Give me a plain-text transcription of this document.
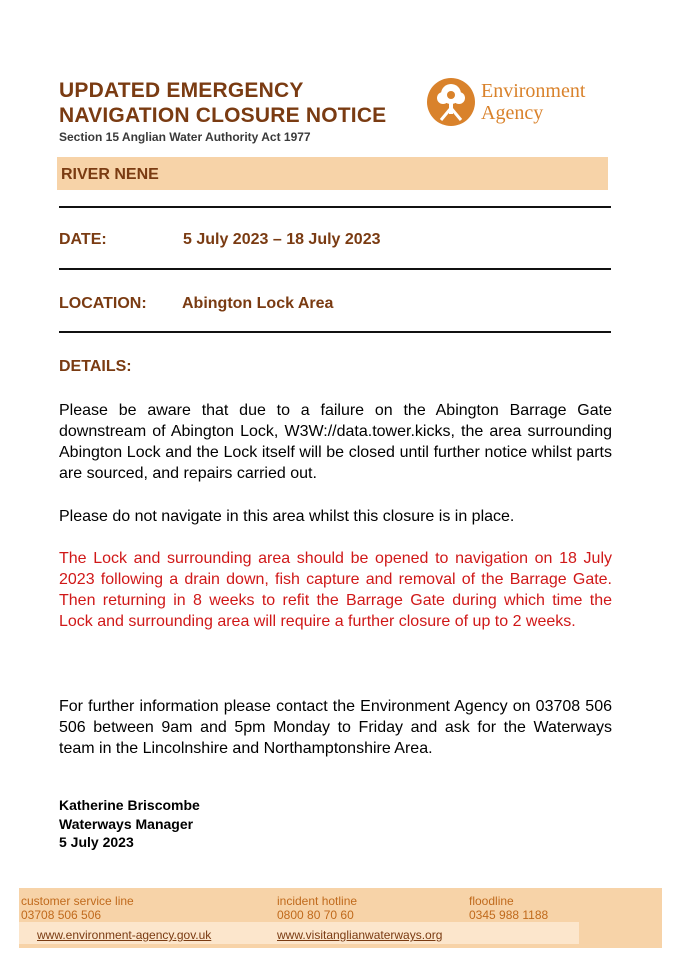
UPDATED EMERGENCY
NAVIGATION CLOSURE NOTICE
Section 15 Anglian Water Authority Act 1977
Environment
Agency
RIVER NENE
DATE:	5 July 2023 – 18 July 2023
LOCATION: Abington Lock Area
DETAILS:

Please be aware that due to a failure on the Abington Barrage Gate downstream of Abington Lock, W3W://data.tower.kicks, the area surrounding Abington Lock and the Lock itself will be closed until further notice whilst parts are sourced, and repairs carried out.

Please do not navigate in this area whilst this closure is in place.

The Lock and surrounding area should be opened to navigation on 18 July 2023 following a drain down, fish capture and removal of the Barrage Gate. Then returning in 8 weeks to refit the Barrage Gate during which time the Lock and surrounding area will require a further closure of up to 2 weeks.

For further information please contact the Environment Agency on 03708 506 506 between 9am and 5pm Monday to Friday and ask for the Waterways team in the Lincolnshire and Northamptonshire Area.

Katherine Briscombe
Waterways Manager
5 July 2023
customer service line
03708 506 506
incident hotline
0800 80 70 60
floodline
0345 988 1188
www.environment-agency.gov.uk	www.visitanglianwaterways.org
